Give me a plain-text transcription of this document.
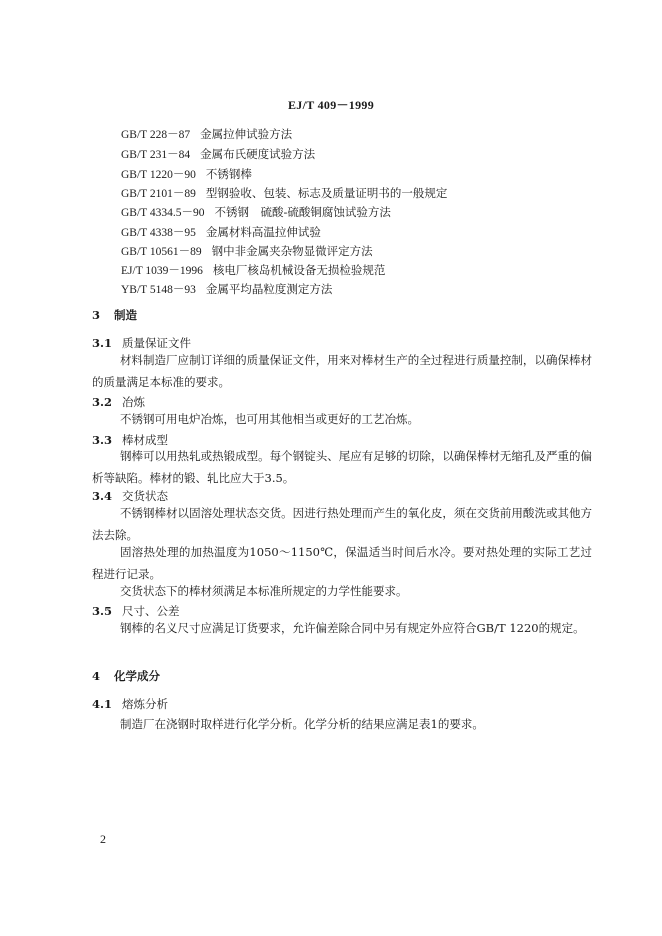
EJ/T 409－1999
GB/T 228－87 金属拉伸试验方法
GB/T 231－84 金属布氏硬度试验方法
GB/T 1220－90 不锈钢棒
GB/T 2101－89 型钢验收、包装、标志及质量证明书的一般规定
GB/T 4334.5－90 不锈钢　硫酸-硫酸铜腐蚀试验方法
GB/T 4338－95 金属材料高温拉伸试验
GB/T 10561－89 钢中非金属夹杂物显微评定方法
EJ/T 1039－1996 核电厂核岛机械设备无损检验规范
YB/T 5148－93 金属平均晶粒度测定方法
3 制造
3.1 质量保证文件
材料制造厂应制订详细的质量保证文件，用来对棒材生产的全过程进行质量控制，以确保棒材的质量满足本标准的要求。
3.2 冶炼
不锈钢可用电炉冶炼，也可用其他相当或更好的工艺冶炼。
3.3 棒材成型
钢棒可以用热轧或热锻成型。每个钢锭头、尾应有足够的切除，以确保棒材无缩孔及严重的偏析等缺陷。棒材的锻、轧比应大于3.5。
3.4 交货状态
不锈钢棒材以固溶处理状态交货。因进行热处理而产生的氧化皮，须在交货前用酸洗或其他方法去除。
固溶热处理的加热温度为1050～1150℃，保温适当时间后水冷。要对热处理的实际工艺过程进行记录。
交货状态下的棒材须满足本标准所规定的力学性能要求。
3.5 尺寸、公差
钢棒的名义尺寸应满足订货要求，允许偏差除合同中另有规定外应符合GB/T 1220的规定。
4 化学成分
4.1 熔炼分析
制造厂在浇钢时取样进行化学分析。化学分析的结果应满足表1的要求。
2
